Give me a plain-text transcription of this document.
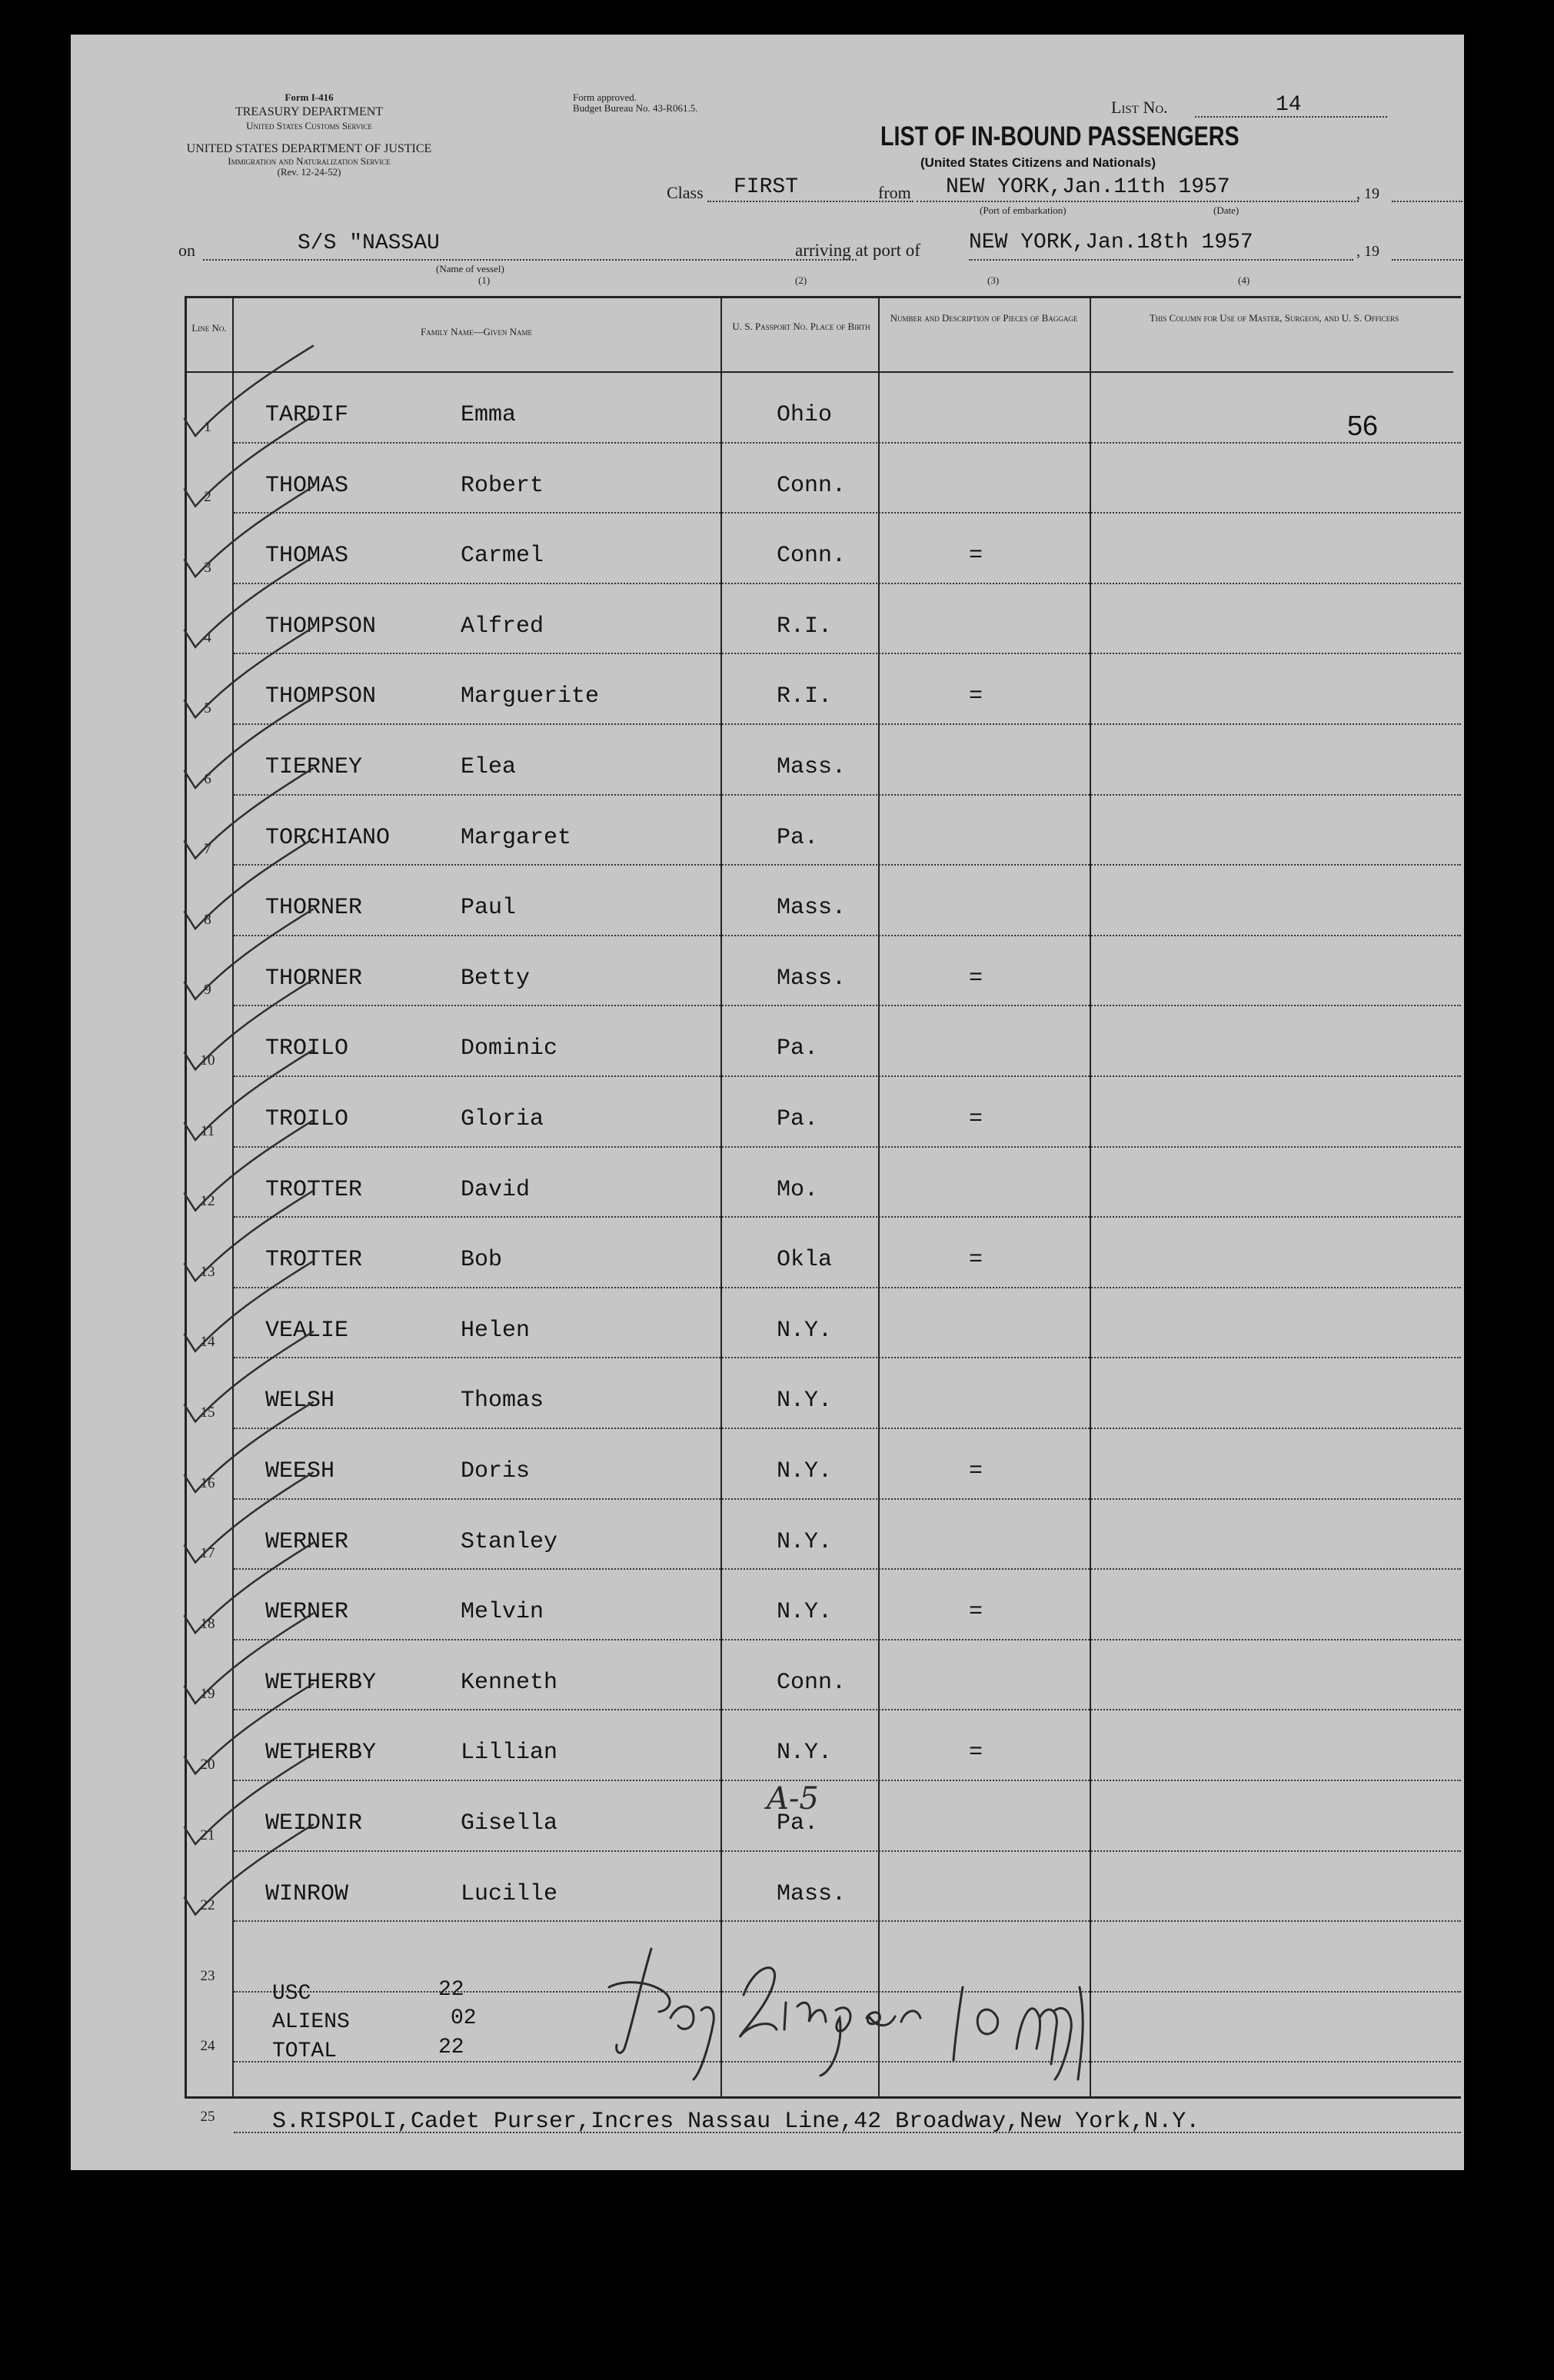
Form I-416
TREASURY DEPARTMENT
United States Customs Service
UNITED STATES DEPARTMENT OF JUSTICE
Immigration and Naturalization Service
(Rev. 12-24-52)
Form approved.
Budget Bureau No. 43-R061.5.	List No.	14
LIST OF IN-BOUND PASSENGERS
(United States Citizens and Nationals)
Class FIRST	from NEW YORK,Jan.11th 1957	, 19
(Port of embarkation)	(Date)
on	S/S "NASSAU	arriving at port of NEW YORK,Jan.18th 1957	, 19
(Name of vessel)
(1)	(2)	(3)	(4)
Line No.	Family Name—Given Name	U. S. Passport No. Place of Birth
Number and Description of Pieces of Baggage	This Column for Use of Master, Surgeon, and U. S. Officers
56
1	TARDIF	Emma	Ohio
2	THOMAS	Robert	Conn.
3	THOMAS	Carmel	Conn.	=
4	THOMPSON	Alfred	R.I.
5	THOMPSON	Marguerite	R.I.	=
6	TIERNEY	Elea	Mass.
7	TORCHIANO	Margaret	Pa.
8	THORNER	Paul	Mass.
9	THORNER	Betty	Mass.	=
10	TROILO	Dominic	Pa.
11	TROILO	Gloria	Pa.	=
12	TROTTER	David	Mo.
13	TROTTER	Bob	Okla	=
14	VEALIE	Helen	N.Y.
15	WELSH	Thomas	N.Y.
16	WEESH	Doris	N.Y.	=
17	WERNER	Stanley	N.Y.
18	WERNER	Melvin	N.Y.	=
19	WETHERBY	Kenneth	Conn.
20	WETHERBY	Lillian	N.Y.	=
21	WEIDNIR	Gisella	Pa.
22	WINROW	Lucille	Mass.
23
24
25
USC	22
ALIENS	02
TOTAL	22
S.RISPOLI,Cadet Purser,Incres Nassau Line,42 Broadway,New York,N.Y.
A-5
